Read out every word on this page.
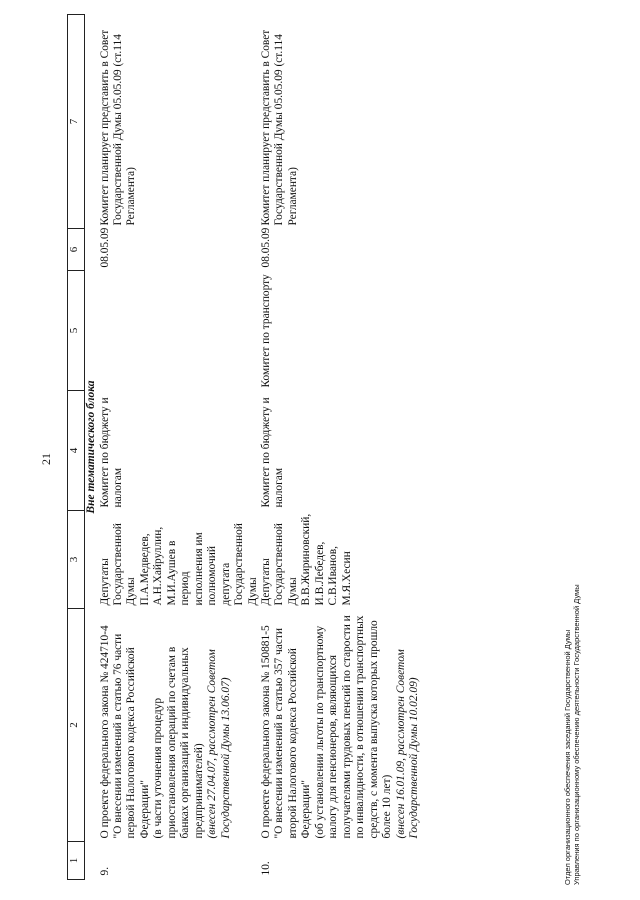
21
1	2	3	4	5	6	7
Вне тематического блока						
9.	О проекте федерального закона № 424710-4 "О внесении изменений в статью 76 части первой Налогового кодекса Российской Федерации" (в части уточнения процедур приостановления операций по счетам в банках организаций и индивидуальных предпринимателей) (внесен 27.04.07, рассмотрен Советом Государственной Думы 13.06.07)	Депутаты Государственной Думы П.А.Медведев, А.Н.Хайруллин, М.И.Аушев в период исполнения им полномочий депутата Государственной Думы	Комитет по бюджету и налогам		08.05.09	Комитет планирует представить в Совет Государственной Думы 05.05.09 (ст.114 Регламента)
10.	О проекте федерального закона № 150881-5 "О внесении изменений в статью 357 части второй Налогового кодекса Российской Федерации" (об установлении льготы по транспортному налогу для пенсионеров, являющихся получателями трудовых пенсий по старости и по инвалидности, в отношении транспортных средств, с момента выпуска которых прошло более 10 лет) (внесен 16.01.09, рассмотрен Советом Государственной Думы 10.02.09)	Депутаты Государственной Думы В.В.Жириновский, И.В.Лебедев, С.В.Иванов, М.Я.Хесин	Комитет по бюджету и налогам	Комитет по транспорту	08.05.09	Комитет планирует представить в Совет Государственной Думы 05.05.09 (ст.114 Регламента)
Отдел организационного обеспечения заседаний Государственной Думы Управления по организационному обеспечению деятельности Государственной Думы
